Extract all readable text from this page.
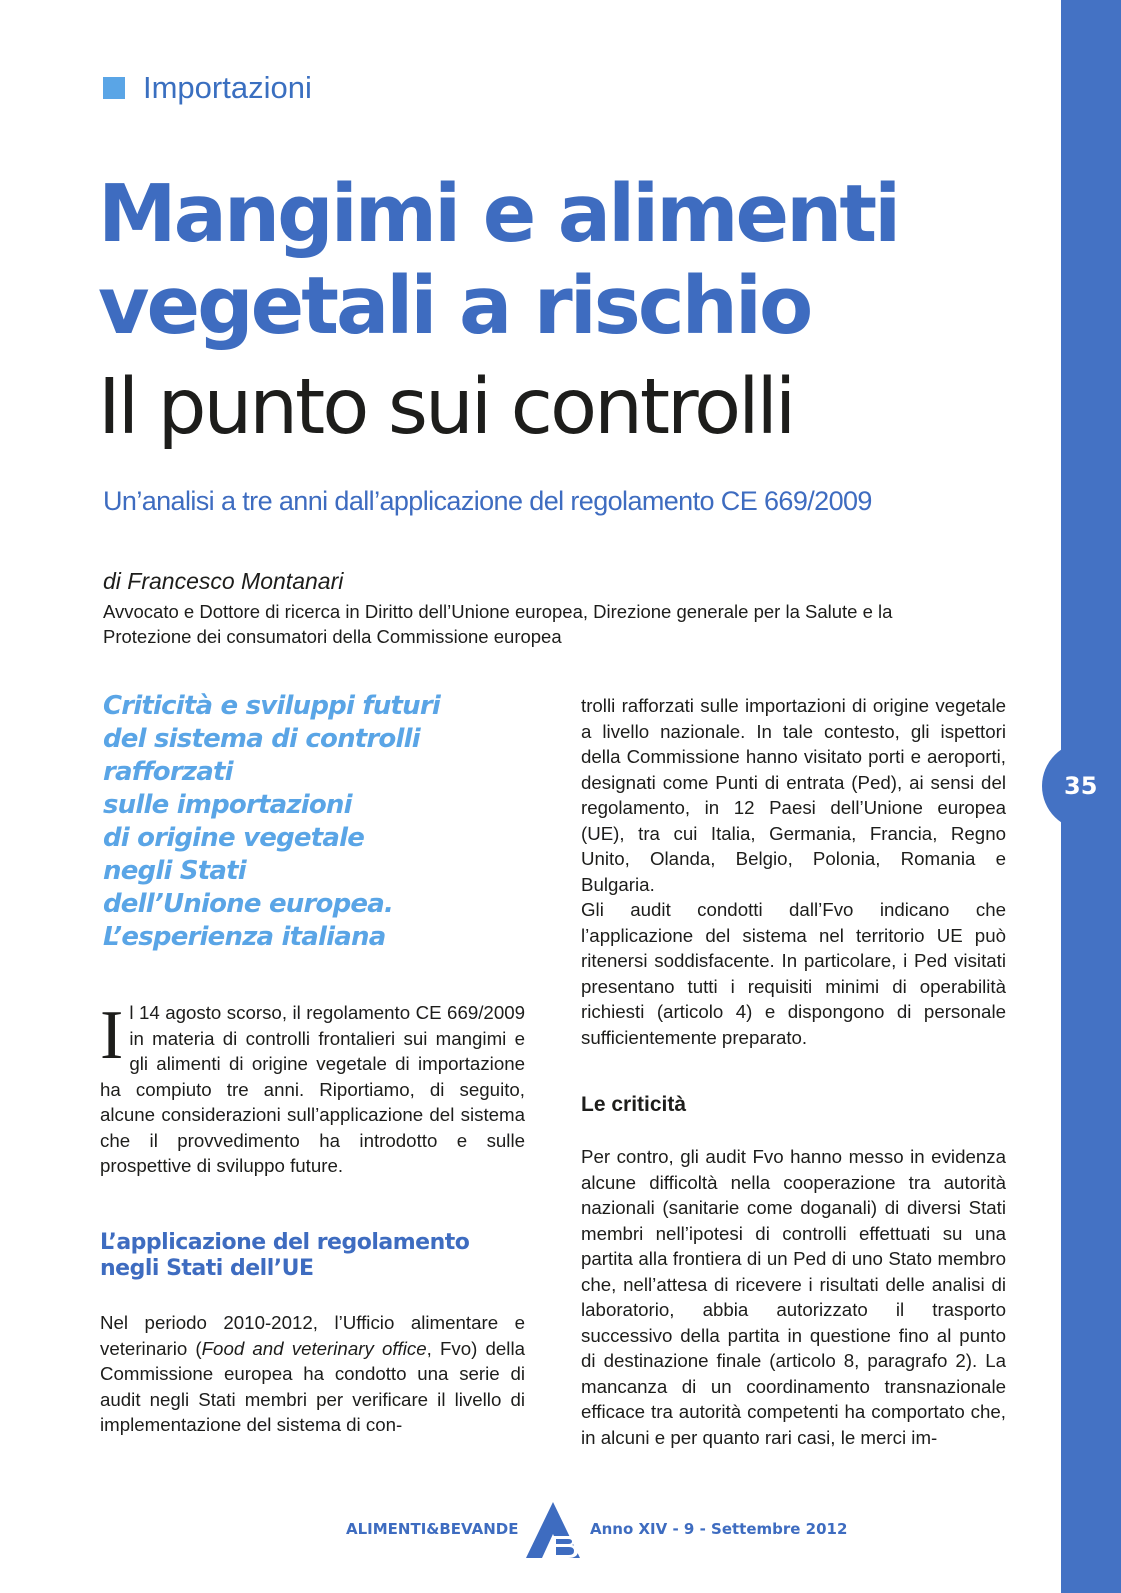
35
Importazioni
Mangimi e alimenti
vegetali a rischio
Il punto sui controlli
Un’analisi a tre anni dall’applicazione del regolamento CE 669/2009
di Francesco Montanari
Avvocato e Dottore di ricerca in Diritto dell’Unione europea, Direzione generale per la Salute e la Protezione dei consumatori della Commissione europea
Criticità e sviluppi futuri
del sistema di controlli
rafforzati
sulle importazioni
di origine vegetale
negli Stati
dell’Unione europea.
L’esperienza italiana
Il 14 agosto scorso, il regolamento CE 669/2009 in materia di controlli frontalieri sui mangimi e gli alimenti di origine vegetale di importazione ha compiuto tre anni. Riportiamo, di seguito, alcune considerazioni sull’applicazione del sistema che il provvedimento ha introdotto e sulle prospettive di sviluppo future.
L’applicazione del regolamento negli Stati dell’UE

Nel periodo 2010-2012, l’Ufficio alimentare e veterinario (Food and veterinary office, Fvo) della Commissione europea ha condotto una serie di audit negli Stati membri per verificare il livello di implementazione del sistema di con-

trolli rafforzati sulle importazioni di origine vegetale a livello nazionale. In tale contesto, gli ispettori della Commissione hanno visitato porti e aeroporti, designati come Punti di entrata (Ped), ai sensi del regolamento, in 12 Paesi dell’Unione europea (UE), tra cui Italia, Germania, Francia, Regno Unito, Olanda, Belgio, Polonia, Romania e Bulgaria.

Gli audit condotti dall’Fvo indicano che l’applicazione del sistema nel territorio UE può ritenersi soddisfacente. In particolare, i Ped visitati presentano tutti i requisiti minimi di operabilità richiesti (articolo 4) e dispongono di personale sufficientemente preparato.

Le criticità

Per contro, gli audit Fvo hanno messo in evidenza alcune difficoltà nella cooperazione tra autorità nazionali (sanitarie come doganali) di diversi Stati membri nell’ipotesi di controlli effettuati su una partita alla frontiera di un Ped di uno Stato membro che, nell’attesa di ricevere i risultati delle analisi di laboratorio, abbia autorizzato il trasporto successivo della partita in questione fino al punto di destinazione finale (articolo 8, paragrafo 2). La mancanza di un coordinamento transnazionale efficace tra autorità competenti ha comportato che, in alcuni e per quanto rari casi, le merci im-

ALIMENTI&BEVANDE	Anno XIV - 9 - Settembre 2012
